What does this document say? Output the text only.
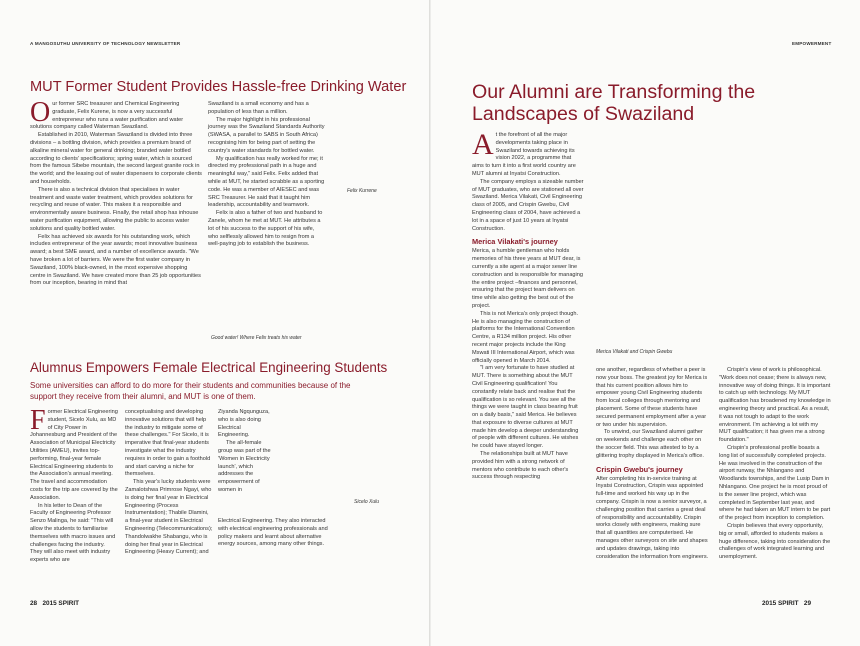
A MANGOSUTHU UNIVERSITY OF TECHNOLOGY NEWSLETTER	EMPOWERMENT
MUT Former Student Provides Hassle-free Drinking Water
O ur former SRC treasurer and Chemical Engineering graduate, Felix Kurene, is now a very successful entrepreneur who runs a water purification and water solutions company called Waterman Swaziland.

Established in 2010, Waterman Swaziland is divided into three divisions – a bottling division, which provides a premium brand of alkaline mineral water for general drinking; branded water bottled according to clients' specifications; spring water, which is sourced from the famous Sibebe mountain, the second largest granite rock in the world; and the leasing out of water dispensers to corporate clients and households.

There is also a technical division that specialises in water treatment and waste water treatment, which provides solutions for recycling and reuse of water. This makes it a responsible and environmentally aware business. Finally, the retail shop has inhouse water purification equipment, allowing the public to access water solutions and quality bottled water.

Felix has achieved six awards for his outstanding work, which includes entrepreneur of the year awards; most innovative business award; a best SME award, and a number of excellence awards. "We have broken a lot of barriers. We were the first water company in Swaziland, 100% black-owned, in the most expensive shopping centre in Swaziland. We have created more than 25 job opportunities from our inception, bearing in mind that

Swaziland is a small economy and has a population of less than a million.

The major highlight in his professional journey was the Swaziland Standards Authority (SWASA, a parallel to SABS in South Africa) recognising him for being part of setting the country's water standards for bottled water.

My qualification has really worked for me; it directed my professional path in a huge and meaningful way," said Felix. Felix added that while at MUT, he started scrabble as a sporting code. He was a member of AIESEC and was SRC Treasurer. He said that it taught him leadership, accountability and teamwork.

Felix is also a father of two and husband to Zanele, whom he met at MUT. He attributes a lot of his success to the support of his wife, who selflessly allowed him to resign from a well-paying job to establish the business.

Felix Kurrene
Good water! Where Felix treats his water
Alumnus Empowers Female Electrical Engineering Students

Some universities can afford to do more for their students and communities because of the support they receive from their alumni, and MUT is one of them.

F ormer Electrical Engineering student, Sicelo Xulu, as MD of City Power in Johannesburg and President of the Association of Municipal Electricity Utilities (AMEU), invites top-performing, final-year female Electrical Engineering students to the Association's annual meeting. The travel and accommodation costs for the trip are covered by the Association.

In his letter to Dean of the Faculty of Engineering Professor Senzo Malinga, he said: "This will allow the students to familiarise themselves with macro issues and challenges facing the industry. They will also meet with industry experts who are

conceptualising and developing innovative solutions that will help the industry to mitigate some of these challenges." For Sicelo, it is imperative that final-year students investigate what the industry requires in order to gain a foothold and start carving a niche for themselves.

This year's lucky students were Zamalotshwa Primrose Ngayi, who is doing her final year in Electrical Engineering (Process Instrumentation); Thabile Dlamini, a final-year student in Electrical Engineering (Telecommunications); Thandolwakhe Shabangu, who is doing her final year in Electrical Engineering (Heavy Current); and

Ziyanda Ngqunguza, who is also doing Electrical Engineering.

The all-female group was part of the 'Women in Electricity launch', which addresses the empowerment of women in

Electrical Engineering. They also interacted with electrical engineering professionals and policy makers and learnt about alternative energy sources, among many other things.

Sicelo Xulu
Our Alumni are Transforming the Landscapes of Swaziland
A t the forefront of all the major developments taking place in Swaziland towards achieving its vision 2022, a programme that aims to turn it into a first world country are MUT alumni at Inyatsi Construction.

The company employs a sizeable number of MUT graduates, who are stationed all over Swaziland. Merica Vilakati, Civil Engineering class of 2005, and Crispin Gwebu, Civil Engineering class of 2004, have achieved a lot in a space of just 10 years at Inyatsi Construction.

Merica Vilakati's journey

Merica, a humble gentleman who holds memories of his three years at MUT dear, is currently a site agent at a major sewer line construction and is responsible for managing the entire project –finances and personnel, ensuring that the project team delivers on time while also getting the best out of the project.

This is not Merica's only project though. He is also managing the construction of platforms for the International Convention Centre, a R134 million project. His other recent major projects include the King Mswati III International Airport, which was officially opened in March 2014.

"I am very fortunate to have studied at MUT. There is something about the MUT Civil Engineering qualification! You constantly relate back and realise that the qualification is so relevant. You see all the things we were taught in class bearing fruit on a daily basis," said Merica. He believes that exposure to diverse cultures at MUT made him develop a deeper understanding of people with different cultures. He wishes he could have stayed longer.

The relationships built at MUT have provided him with a strong network of mentors who contribute to each other's success through respecting

Merica Vilakati and Crispin Gwebu

one another, regardless of whether a peer is now your boss. The greatest joy for Merica is that his current position allows him to empower young Civil Engineering students from local colleges through mentoring and placement. Some of these students have secured permanent employment after a year or two under his supervision.

To unwind, our Swaziland alumni gather on weekends and challenge each other on the soccer field. This was attested to by a glittering trophy displayed in Merica's office.

Crispin Gwebu's journey

After completing his in-service training at Inyatsi Construction, Crispin was appointed full-time and worked his way up in the company. Crispin is now a senior surveyor, a challenging position that carries a great deal of responsibility and accountability. Crispin works closely with engineers, making sure that all quantities are computerised. He manages other surveyors on site and shapes and updates drawings, taking into consideration the information from engineers.

Crispin's view of work is philosophical. "Work does not cease; there is always new, innovative way of doing things. It is important to catch up with technology. My MUT qualification has broadened my knowledge in engineering theory and practical. As a result, it was not tough to adapt to the work environment. I'm achieving a lot with my MUT qualification; it has given me a strong foundation."

Crispin's professional profile boasts a long list of successfully completed projects. He was involved in the construction of the airport runway, the Nhlangano and Woodlands townships, and the Lusip Dam in Nhlangano. One project he is most proud of is the sewer line project, which was completed in September last year, and where he had taken an MUT intern to be part of the project from inception to completion.

Crispin believes that every opportunity, big or small, afforded to students makes a huge difference, taking into consideration the challenges of work integrated learning and unemployment.

28 2015 SPIRIT	2015 SPIRIT 29
